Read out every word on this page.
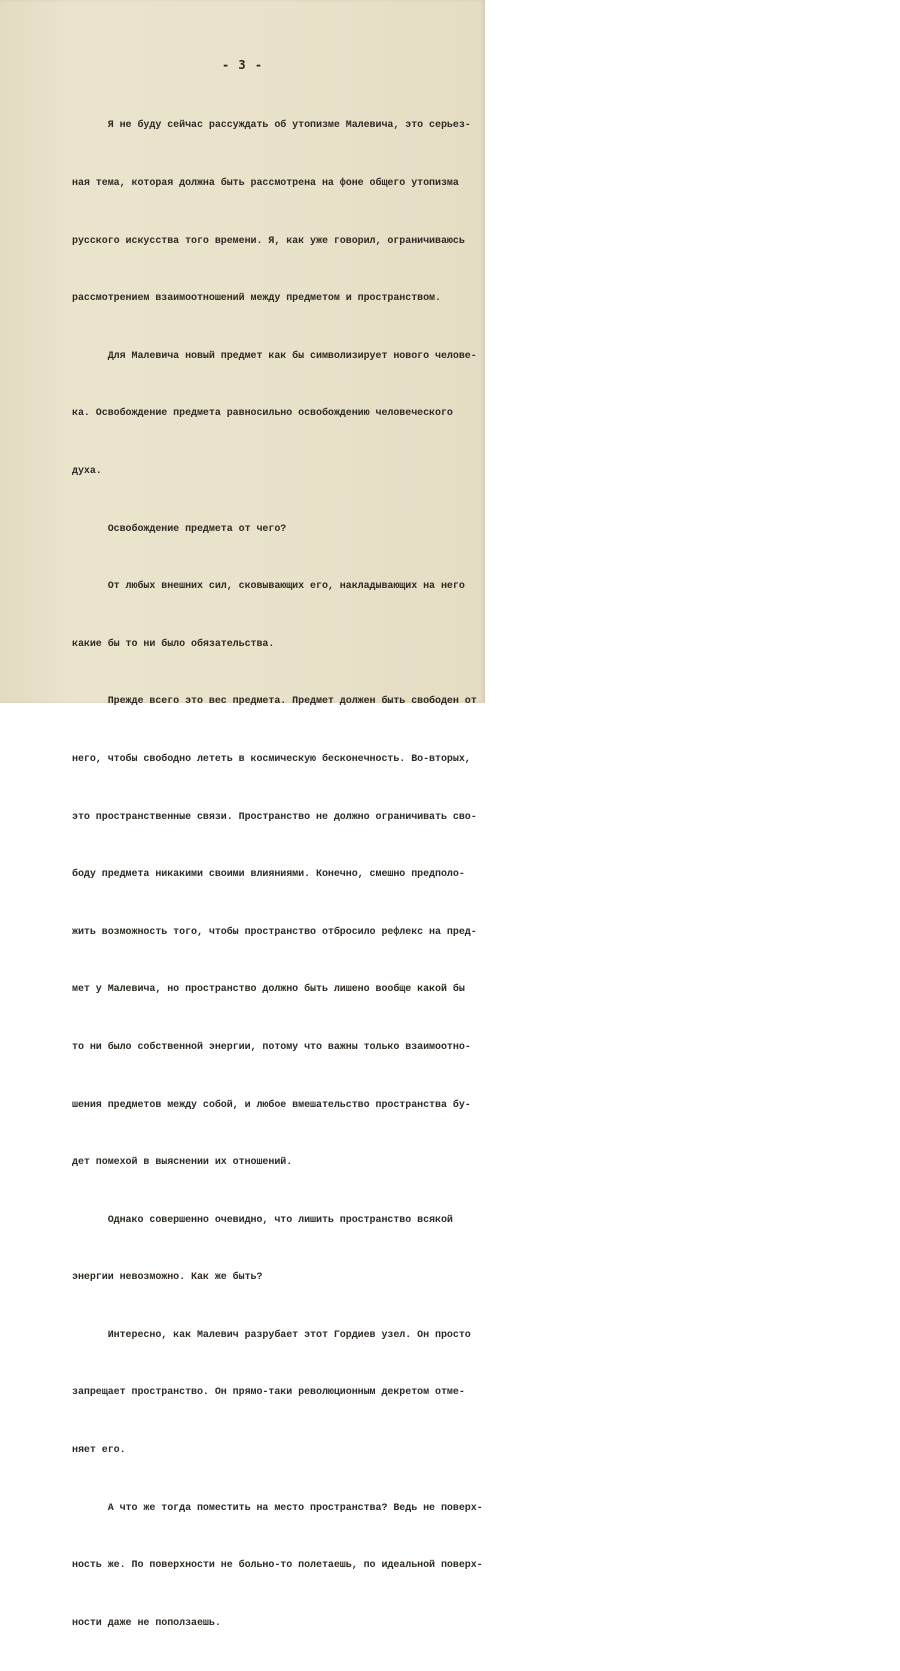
- 3 -

Я не буду сейчас рассуждать об утопизме Малевича, это серьез-

ная тема, которая должна быть рассмотрена на фоне общего утопизма

русского искусства того времени. Я, как уже говорил, ограничиваюсь

рассмотрением взаимоотношений между предметом и пространством.

Для Малевича новый предмет как бы символизирует нового челове-

ка. Освобождение предмета равносильно освобождению человеческого

духа.

Освобождение предмета от чего?

От любых внешних сил, сковывающих его, накладывающих на него

какие бы то ни было обязательства.

Прежде всего это вес предмета. Предмет должен быть свободен от

него, чтобы свободно лететь в космическую бесконечность. Во-вторых,

это пространственные связи. Пространство не должно ограничивать сво-

боду предмета никакими своими влияниями. Конечно, смешно предполо-

жить возможность того, чтобы пространство отбросило рефлекс на пред-

мет у Малевича, но пространство должно быть лишено вообще какой бы

то ни было собственной энергии, потому что важны только взаимоотно-

шения предметов между собой, и любое вмешательство пространства бу-

дет помехой в выяснении их отношений.

Однако совершенно очевидно, что лишить пространство всякой

энергии невозможно. Как же быть?

Интересно, как Малевич разрубает этот Гордиев узел. Он просто

запрещает пространство. Он прямо-таки революционным декретом отме-

няет его.

А что же тогда поместить на место пространства? Ведь не поверх-

ность же. По поверхности не больно-то полетаешь, по идеальной поверх-

ности даже не поползаешь.
